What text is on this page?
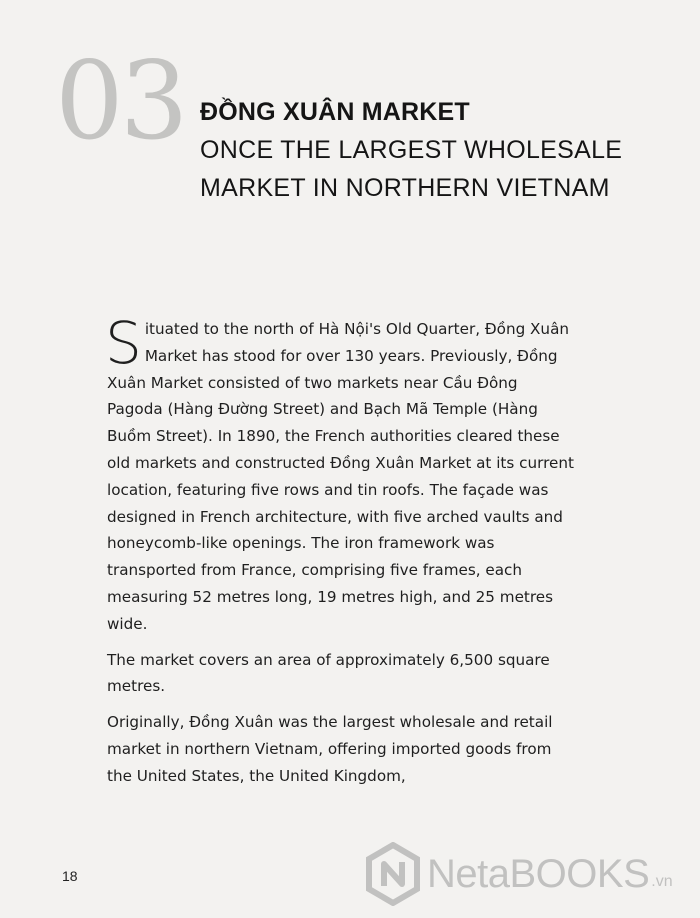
03 ĐỒNG XUÂN MARKET
ONCE THE LARGEST WHOLESALE
MARKET IN NORTHERN VIETNAM

Situated to the north of Hà Nội's Old Quarter, Đồng Xuân Market has stood for over 130 years. Previously, Đồng Xuân Market consisted of two markets near Cầu Đông Pagoda (Hàng Đường Street) and Bạch Mã Temple (Hàng Buồm Street). In 1890, the French authorities cleared these old markets and constructed Đồng Xuân Market at its current location, featuring five rows and tin roofs. The façade was designed in French architecture, with five arched vaults and honeycomb-like openings. The iron framework was transported from France, comprising five frames, each measuring 52 metres long, 19 metres high, and 25 metres wide.

The market covers an area of approximately 6,500 square metres.

Originally, Đồng Xuân was the largest wholesale and retail market in northern Vietnam, offering imported goods from the United States, the United Kingdom,

18	NetaBOOKS .vn
